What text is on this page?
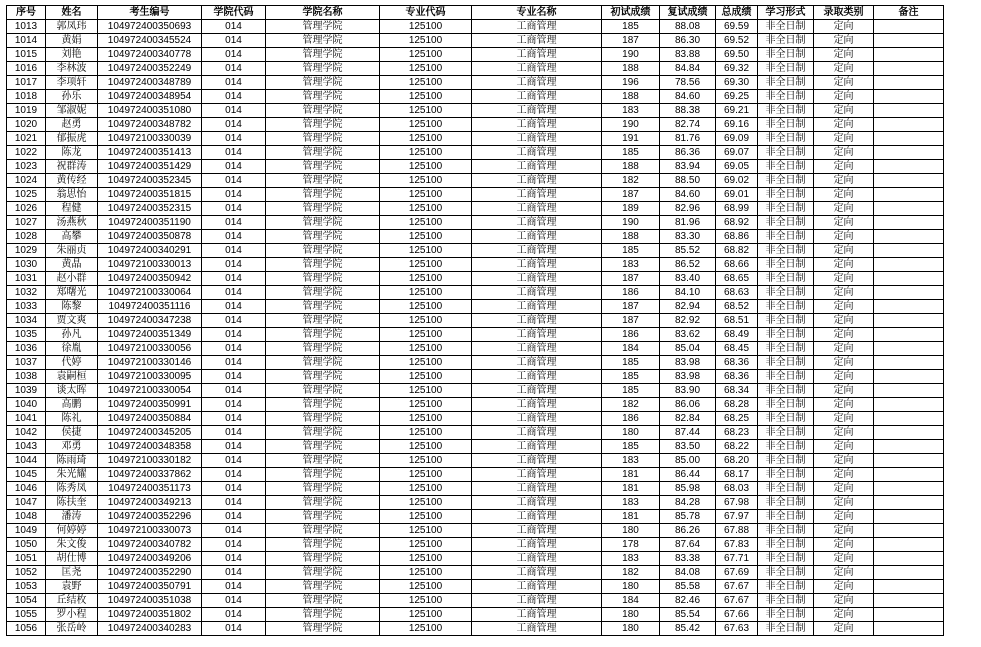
序号	姓名	考生编号	学院代码	学院名称	专业代码	专业名称	初试成绩	复试成绩	总成绩	学习形式	录取类别	备注
1013	郭凤玮	104972400350693	014	管理学院	125100	工商管理	185	88.08	69.59	非全日制	定向	
1014	黄娟	104972400345524	014	管理学院	125100	工商管理	187	86.30	69.52	非全日制	定向	
1015	刘艳	104972400340778	014	管理学院	125100	工商管理	190	83.88	69.50	非全日制	定向	
1016	李林波	104972400352249	014	管理学院	125100	工商管理	188	84.84	69.32	非全日制	定向	
1017	李项轩	104972400348789	014	管理学院	125100	工商管理	196	78.56	69.30	非全日制	定向	
1018	孙乐	104972400348954	014	管理学院	125100	工商管理	188	84.60	69.25	非全日制	定向	
1019	邹淑妮	104972400351080	014	管理学院	125100	工商管理	183	88.38	69.21	非全日制	定向	
1020	赵勇	104972400348782	014	管理学院	125100	工商管理	190	82.74	69.16	非全日制	定向	
1021	郁振虎	104972100330039	014	管理学院	125100	工商管理	191	81.76	69.09	非全日制	定向	
1022	陈龙	104972400351413	014	管理学院	125100	工商管理	185	86.36	69.07	非全日制	定向	
1023	祝群涛	104972400351429	014	管理学院	125100	工商管理	188	83.94	69.05	非全日制	定向	
1024	黄传经	104972400352345	014	管理学院	125100	工商管理	182	88.50	69.02	非全日制	定向	
1025	翁思怡	104972400351815	014	管理学院	125100	工商管理	187	84.60	69.01	非全日制	定向	
1026	程健	104972400352315	014	管理学院	125100	工商管理	189	82.96	68.99	非全日制	定向	
1027	汤燕秋	104972400351190	014	管理学院	125100	工商管理	190	81.96	68.92	非全日制	定向	
1028	高攀	104972400350878	014	管理学院	125100	工商管理	188	83.30	68.86	非全日制	定向	
1029	朱丽贞	104972400340291	014	管理学院	125100	工商管理	185	85.52	68.82	非全日制	定向	
1030	黄晶	104972100330013	014	管理学院	125100	工商管理	183	86.52	68.66	非全日制	定向	
1031	赵小群	104972400350942	014	管理学院	125100	工商管理	187	83.40	68.65	非全日制	定向	
1032	郑曙光	104972100330064	014	管理学院	125100	工商管理	186	84.10	68.63	非全日制	定向	
1033	陈黎	104972400351116	014	管理学院	125100	工商管理	187	82.94	68.52	非全日制	定向	
1034	贾文爽	104972400347238	014	管理学院	125100	工商管理	187	82.92	68.51	非全日制	定向	
1035	孙凡	104972400351349	014	管理学院	125100	工商管理	186	83.62	68.49	非全日制	定向	
1036	徐胤	104972100330056	014	管理学院	125100	工商管理	184	85.04	68.45	非全日制	定向	
1037	代婷	104972100330146	014	管理学院	125100	工商管理	185	83.98	68.36	非全日制	定向	
1038	袁嗣桓	104972100330095	014	管理学院	125100	工商管理	185	83.98	68.36	非全日制	定向	
1039	谈太晖	104972100330054	014	管理学院	125100	工商管理	185	83.90	68.34	非全日制	定向	
1040	高鹏	104972400350991	014	管理学院	125100	工商管理	182	86.06	68.28	非全日制	定向	
1041	陈礼	104972400350884	014	管理学院	125100	工商管理	186	82.84	68.25	非全日制	定向	
1042	侯捷	104972400345205	014	管理学院	125100	工商管理	180	87.44	68.23	非全日制	定向	
1043	邓勇	104972400348358	014	管理学院	125100	工商管理	185	83.50	68.22	非全日制	定向	
1044	陈雨琦	104972100330182	014	管理学院	125100	工商管理	183	85.00	68.20	非全日制	定向	
1045	朱光耀	104972400337862	014	管理学院	125100	工商管理	181	86.44	68.17	非全日制	定向	
1046	陈秀凤	104972400351173	014	管理学院	125100	工商管理	181	85.98	68.03	非全日制	定向	
1047	陈扶奎	104972400349213	014	管理学院	125100	工商管理	183	84.28	67.98	非全日制	定向	
1048	潘涛	104972400352296	014	管理学院	125100	工商管理	181	85.78	67.97	非全日制	定向	
1049	何婷婷	104972100330073	014	管理学院	125100	工商管理	180	86.26	67.88	非全日制	定向	
1050	朱文俊	104972400340782	014	管理学院	125100	工商管理	178	87.64	67.83	非全日制	定向	
1051	胡仕博	104972400349206	014	管理学院	125100	工商管理	183	83.38	67.71	非全日制	定向	
1052	匡尧	104972400352290	014	管理学院	125100	工商管理	182	84.08	67.69	非全日制	定向	
1053	袁野	104972400350791	014	管理学院	125100	工商管理	180	85.58	67.67	非全日制	定向	
1054	丘结枚	104972400351038	014	管理学院	125100	工商管理	184	82.46	67.67	非全日制	定向	
1055	罗小程	104972400351802	014	管理学院	125100	工商管理	180	85.54	67.66	非全日制	定向	
1056	张岳岭	104972400340283	014	管理学院	125100	工商管理	180	85.42	67.63	非全日制	定向	
